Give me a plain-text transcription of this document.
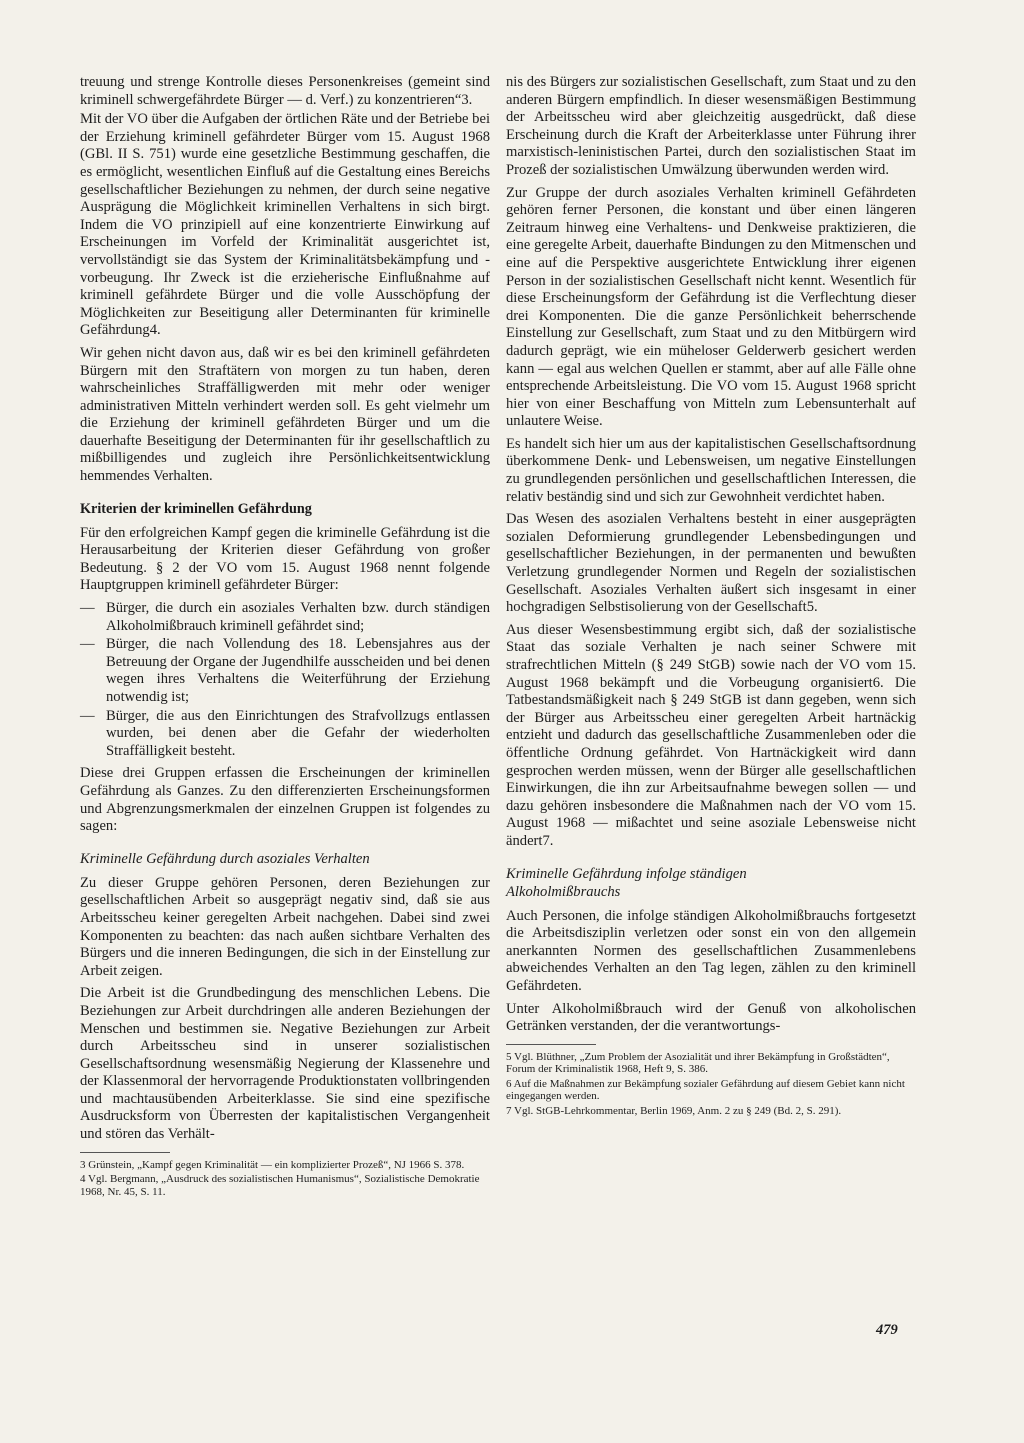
treuung und strenge Kontrolle dieses Personenkreises (gemeint sind kriminell schwergefährdete Bürger — d. Verf.) zu konzentrieren“3.

Mit der VO über die Aufgaben der örtlichen Räte und der Betriebe bei der Erziehung kriminell gefährdeter Bürger vom 15. August 1968 (GBl. II S. 751) wurde eine gesetzliche Bestimmung geschaffen, die es ermöglicht, wesentlichen Einfluß auf die Gestaltung eines Bereichs gesellschaftlicher Beziehungen zu nehmen, der durch seine negative Ausprägung die Möglichkeit kriminellen Verhaltens in sich birgt. Indem die VO prinzipiell auf eine konzentrierte Einwirkung auf Erscheinungen im Vorfeld der Kriminalität ausgerichtet ist, vervollständigt sie das System der Kriminalitätsbekämpfung und -vorbeugung. Ihr Zweck ist die erzieherische Einflußnahme auf kriminell gefährdete Bürger und die volle Ausschöpfung der Möglichkeiten zur Beseitigung aller Determinanten für kriminelle Gefährdung4.

Wir gehen nicht davon aus, daß wir es bei den kriminell gefährdeten Bürgern mit den Straftätern von morgen zu tun haben, deren wahrscheinliches Straffälligwerden mit mehr oder weniger administrativen Mitteln verhindert werden soll. Es geht vielmehr um die Erziehung der kriminell gefährdeten Bürger und um die dauerhafte Beseitigung der Determinanten für ihr gesellschaftlich zu mißbilligendes und zugleich ihre Persönlichkeitsentwicklung hemmendes Verhalten.

Kriterien der kriminellen Gefährdung

Für den erfolgreichen Kampf gegen die kriminelle Gefährdung ist die Herausarbeitung der Kriterien dieser Gefährdung von großer Bedeutung. § 2 der VO vom 15. August 1968 nennt folgende Hauptgruppen kriminell gefährdeter Bürger:

— Bürger, die durch ein asoziales Verhalten bzw. durch ständigen Alkoholmißbrauch kriminell gefährdet sind;
— Bürger, die nach Vollendung des 18. Lebensjahres aus der Betreuung der Organe der Jugendhilfe ausscheiden und bei denen wegen ihres Verhaltens die Weiterführung der Erziehung notwendig ist;
— Bürger, die aus den Einrichtungen des Strafvollzugs entlassen wurden, bei denen aber die Gefahr der wiederholten Straffälligkeit besteht.

Diese drei Gruppen erfassen die Erscheinungen der kriminellen Gefährdung als Ganzes. Zu den differenzierten Erscheinungsformen und Abgrenzungsmerkmalen der einzelnen Gruppen ist folgendes zu sagen:

Kriminelle Gefährdung durch asoziales Verhalten

Zu dieser Gruppe gehören Personen, deren Beziehungen zur gesellschaftlichen Arbeit so ausgeprägt negativ sind, daß sie aus Arbeitsscheu keiner geregelten Arbeit nachgehen. Dabei sind zwei Komponenten zu beachten: das nach außen sichtbare Verhalten des Bürgers und die inneren Bedingungen, die sich in der Einstellung zur Arbeit zeigen.

Die Arbeit ist die Grundbedingung des menschlichen Lebens. Die Beziehungen zur Arbeit durchdringen alle anderen Beziehungen der Menschen und bestimmen sie. Negative Beziehungen zur Arbeit durch Arbeitsscheu sind in unserer sozialistischen Gesellschaftsordnung wesensmäßig Negierung der Klassenehre und der Klassenmoral der hervorragende Produktionstaten vollbringenden und machtausübenden Arbeiterklasse. Sie sind eine spezifische Ausdrucksform von Überresten der kapitalistischen Vergangenheit und stören das Verhält-

3 Grünstein, „Kampf gegen Kriminalität — ein komplizierter Prozeß“, NJ 1966 S. 378.
4 Vgl. Bergmann, „Ausdruck des sozialistischen Humanismus“, Sozialistische Demokratie 1968, Nr. 45, S. 11.

nis des Bürgers zur sozialistischen Gesellschaft, zum Staat und zu den anderen Bürgern empfindlich. In dieser wesensmäßigen Bestimmung der Arbeitsscheu wird aber gleichzeitig ausgedrückt, daß diese Erscheinung durch die Kraft der Arbeiterklasse unter Führung ihrer marxistisch-leninistischen Partei, durch den sozialistischen Staat im Prozeß der sozialistischen Umwälzung überwunden werden wird.

Zur Gruppe der durch asoziales Verhalten kriminell Gefährdeten gehören ferner Personen, die konstant und über einen längeren Zeitraum hinweg eine Verhaltens- und Denkweise praktizieren, die eine geregelte Arbeit, dauerhafte Bindungen zu den Mitmenschen und eine auf die Perspektive ausgerichtete Entwicklung ihrer eigenen Person in der sozialistischen Gesellschaft nicht kennt. Wesentlich für diese Erscheinungsform der Gefährdung ist die Verflechtung dieser drei Komponenten. Die die ganze Persönlichkeit beherrschende Einstellung zur Gesellschaft, zum Staat und zu den Mitbürgern wird dadurch geprägt, wie ein müheloser Gelderwerb gesichert werden kann — egal aus welchen Quellen er stammt, aber auf alle Fälle ohne entsprechende Arbeitsleistung. Die VO vom 15. August 1968 spricht hier von einer Beschaffung von Mitteln zum Lebensunterhalt auf unlautere Weise.

Es handelt sich hier um aus der kapitalistischen Gesellschaftsordnung überkommene Denk- und Lebensweisen, um negative Einstellungen zu grundlegenden persönlichen und gesellschaftlichen Interessen, die relativ beständig sind und sich zur Gewohnheit verdichtet haben.

Das Wesen des asozialen Verhaltens besteht in einer ausgeprägten sozialen Deformierung grundlegender Lebensbedingungen und gesellschaftlicher Beziehungen, in der permanenten und bewußten Verletzung grundlegender Normen und Regeln der sozialistischen Gesellschaft. Asoziales Verhalten äußert sich insgesamt in einer hochgradigen Selbstisolierung von der Gesellschaft5.

Aus dieser Wesensbestimmung ergibt sich, daß der sozialistische Staat das soziale Verhalten je nach seiner Schwere mit strafrechtlichen Mitteln (§ 249 StGB) sowie nach der VO vom 15. August 1968 bekämpft und die Vorbeugung organisiert6. Die Tatbestandsmäßigkeit nach § 249 StGB ist dann gegeben, wenn sich der Bürger aus Arbeitsscheu einer geregelten Arbeit hartnäckig entzieht und dadurch das gesellschaftliche Zusammenleben oder die öffentliche Ordnung gefährdet. Von Hartnäckigkeit wird dann gesprochen werden müssen, wenn der Bürger alle gesellschaftlichen Einwirkungen, die ihn zur Arbeitsaufnahme bewegen sollen — und dazu gehören insbesondere die Maßnahmen nach der VO vom 15. August 1968 — mißachtet und seine asoziale Lebensweise nicht ändert7.

Kriminelle Gefährdung infolge ständigen Alkoholmißbrauchs

Auch Personen, die infolge ständigen Alkoholmißbrauchs fortgesetzt die Arbeitsdisziplin verletzen oder sonst ein von den allgemein anerkannten Normen des gesellschaftlichen Zusammenlebens abweichendes Verhalten an den Tag legen, zählen zu den kriminell Gefährdeten.

Unter Alkoholmißbrauch wird der Genuß von alkoholischen Getränken verstanden, der die verantwortungs-

5 Vgl. Blüthner, „Zum Problem der Asozialität und ihrer Bekämpfung in Großstädten“, Forum der Kriminalistik 1968, Heft 9, S. 386.
6 Auf die Maßnahmen zur Bekämpfung sozialer Gefährdung auf diesem Gebiet kann nicht eingegangen werden.
7 Vgl. StGB-Lehrkommentar, Berlin 1969, Anm. 2 zu § 249 (Bd. 2, S. 291).
479
